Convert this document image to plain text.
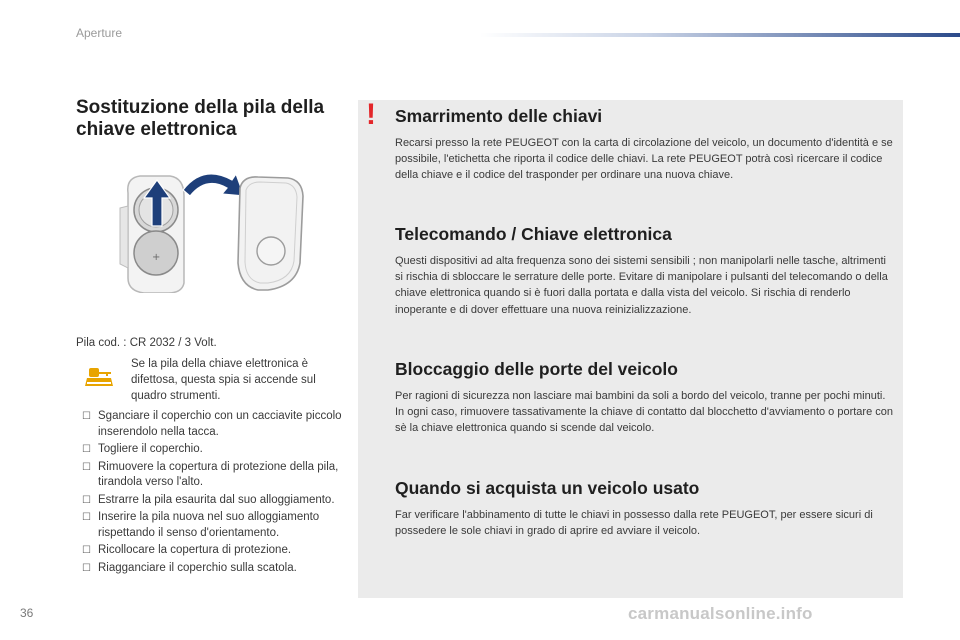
Aperture
Sostituzione della pila della chiave elettronica
+
Pila cod. : CR 2032 / 3 Volt.
Se la pila della chiave elettronica è difettosa, questa spia si accende sul quadro strumenti.
☐ Sganciare il coperchio con un cacciavite piccolo inserendolo nella tacca.
☐ Togliere il coperchio.
☐ Rimuovere la copertura di protezione della pila, tirandola verso l'alto.
☐ Estrarre la pila esaurita dal suo alloggiamento.
☐ Inserire la pila nuova nel suo alloggiamento rispettando il senso d'orientamento.
☐ Ricollocare la copertura di protezione.
☐ Riagganciare il coperchio sulla scatola.
! Smarrimento delle chiavi

Recarsi presso la rete PEUGEOT con la carta di circolazione del veicolo, un documento d'identità e se possibile, l'etichetta che riporta il codice delle chiavi. La rete PEUGEOT potrà così ricercare il codice della chiave e il codice del trasponder per ordinare una nuova chiave.

Telecomando / Chiave elettronica

Questi dispositivi ad alta frequenza sono dei sistemi sensibili ; non manipolarli nelle tasche, altrimenti si rischia di sbloccare le serrature delle porte. Evitare di manipolare i pulsanti del telecomando o della chiave elettronica quando si è fuori dalla portata e dalla vista del veicolo. Si rischia di renderlo inoperante e di dover effettuare una nuova reinizializzazione.

Bloccaggio delle porte del veicolo

Per ragioni di sicurezza non lasciare mai bambini da soli a bordo del veicolo, tranne per pochi minuti. In ogni caso, rimuovere tassativamente la chiave di contatto dal blocchetto d'avviamento o portare con sè la chiave elettronica quando si scende dal veicolo.

Quando si acquista un veicolo usato

Far verificare l'abbinamento di tutte le chiavi in possesso dalla rete PEUGEOT, per essere sicuri di possedere le sole chiavi in grado di aprire ed avviare il veicolo.

36	carmanualsonline.info
